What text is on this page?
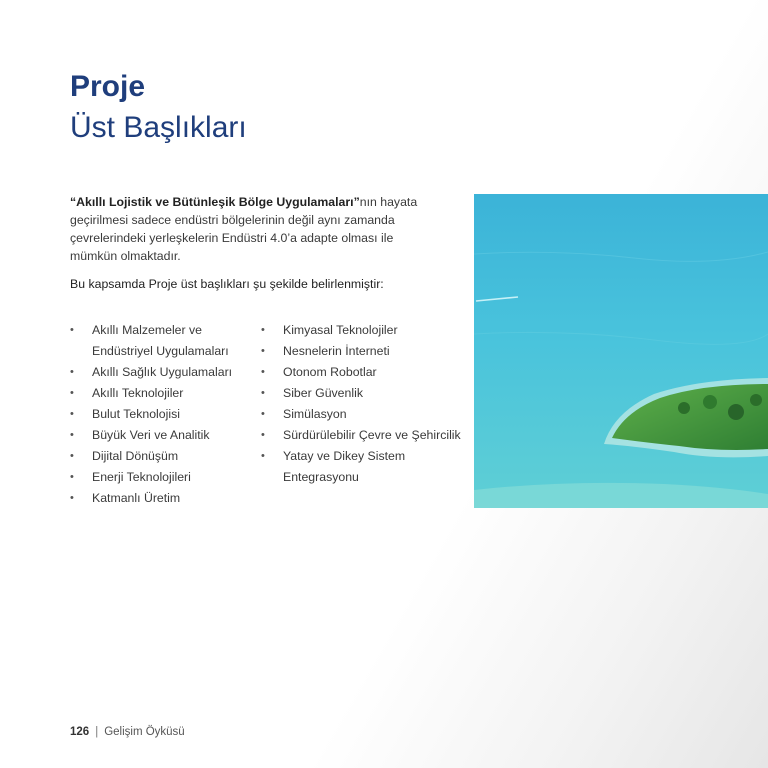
Proje
Üst Başlıkları

“Akıllı Lojistik ve Bütünleşik Bölge Uygulamaları”nın hayata geçirilmesi sadece endüstri bölgelerinin değil aynı zamanda çevrelerindeki yerleşkelerin Endüstri 4.0’a adapte olması ile mümkün olmaktadır.

Bu kapsamda Proje üst başlıkları şu şekilde belirlenmiştir:

• Akıllı Malzemeler ve Endüstriyel Uygulamaları
• Akıllı Sağlık Uygulamaları
• Akıllı Teknolojiler
• Bulut Teknolojisi
• Büyük Veri ve Analitik
• Dijital Dönüşüm
• Enerji Teknolojileri
• Katmanlı Üretim
• Kimyasal Teknolojiler
• Nesnelerin İnterneti
• Otonom Robotlar
• Siber Güvenlik
• Simülasyon
• Sürdürülebilir Çevre ve Şehircilik
• Yatay ve Dikey Sistem Entegrasyonu
126 | Gelişim Öyküsü
